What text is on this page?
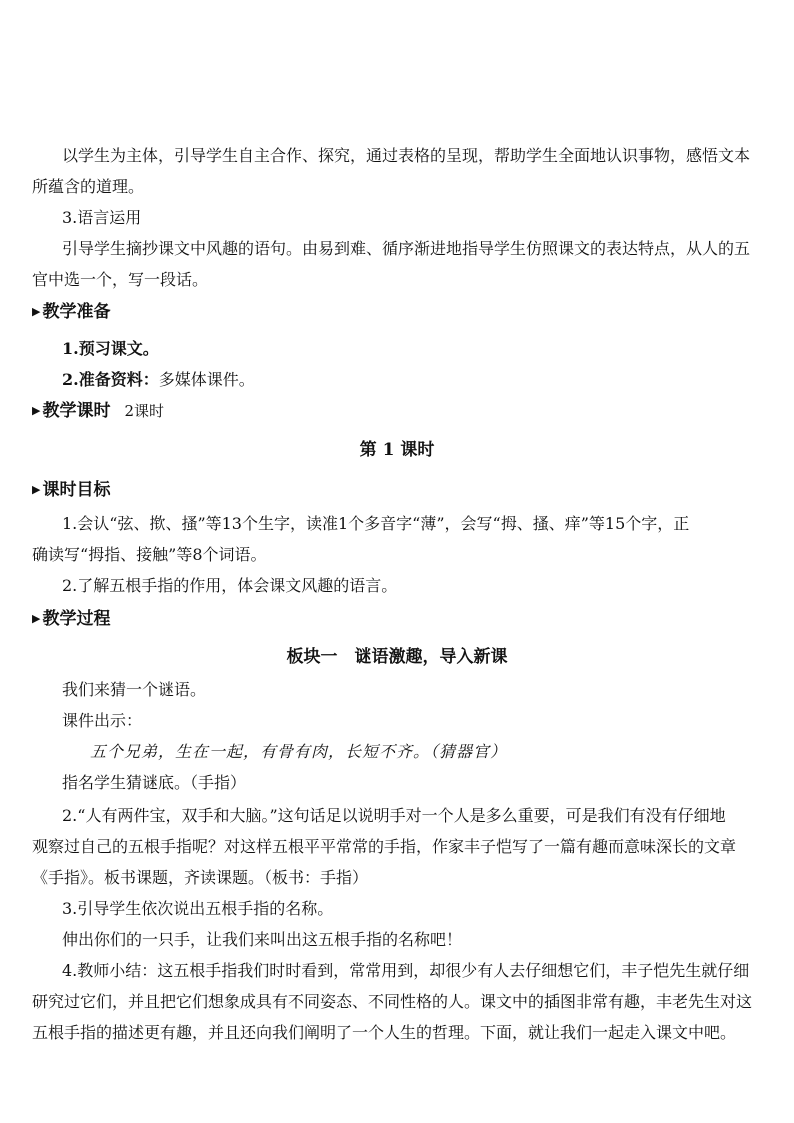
以学生为主体，引导学生自主合作、探究，通过表格的呈现，帮助学生全面地认识事物，感悟文本
所蕴含的道理。
3.语言运用
引导学生摘抄课文中风趣的语句。由易到难、循序渐进地指导学生仿照课文的表达特点，从人的五
官中选一个，写一段话。
▶ 教学准备
1.预习课文。
2.准备资料：多媒体课件。
▶ 教学课时 2课时
第 1 课时
▶ 课时目标
1.会认“弦、揿、搔”等13个生字，读准1个多音字“薄”，会写“拇、搔、痒”等15个字，正
确读写“拇指、接触”等8个词语。
2.了解五根手指的作用，体会课文风趣的语言。
▶ 教学过程
板块一　谜语激趣，导入新课
我们来猜一个谜语。
课件出示：
五个兄弟，生在一起，有骨有肉，长短不齐。（猜器官）
指名学生猜谜底。（手指）
2.“人有两件宝，双手和大脑。”这句话足以说明手对一个人是多么重要，可是我们有没有仔细地
观察过自己的五根手指呢？对这样五根平平常常的手指，作家丰子恺写了一篇有趣而意味深长的文章
《手指》。板书课题，齐读课题。（板书：手指）
3.引导学生依次说出五根手指的名称。
伸出你们的一只手，让我们来叫出这五根手指的名称吧！
4.教师小结：这五根手指我们时时看到，常常用到，却很少有人去仔细想它们，丰子恺先生就仔细
研究过它们，并且把它们想象成具有不同姿态、不同性格的人。课文中的插图非常有趣，丰老先生对这
五根手指的描述更有趣，并且还向我们阐明了一个人生的哲理。下面，就让我们一起走入课文中吧。
